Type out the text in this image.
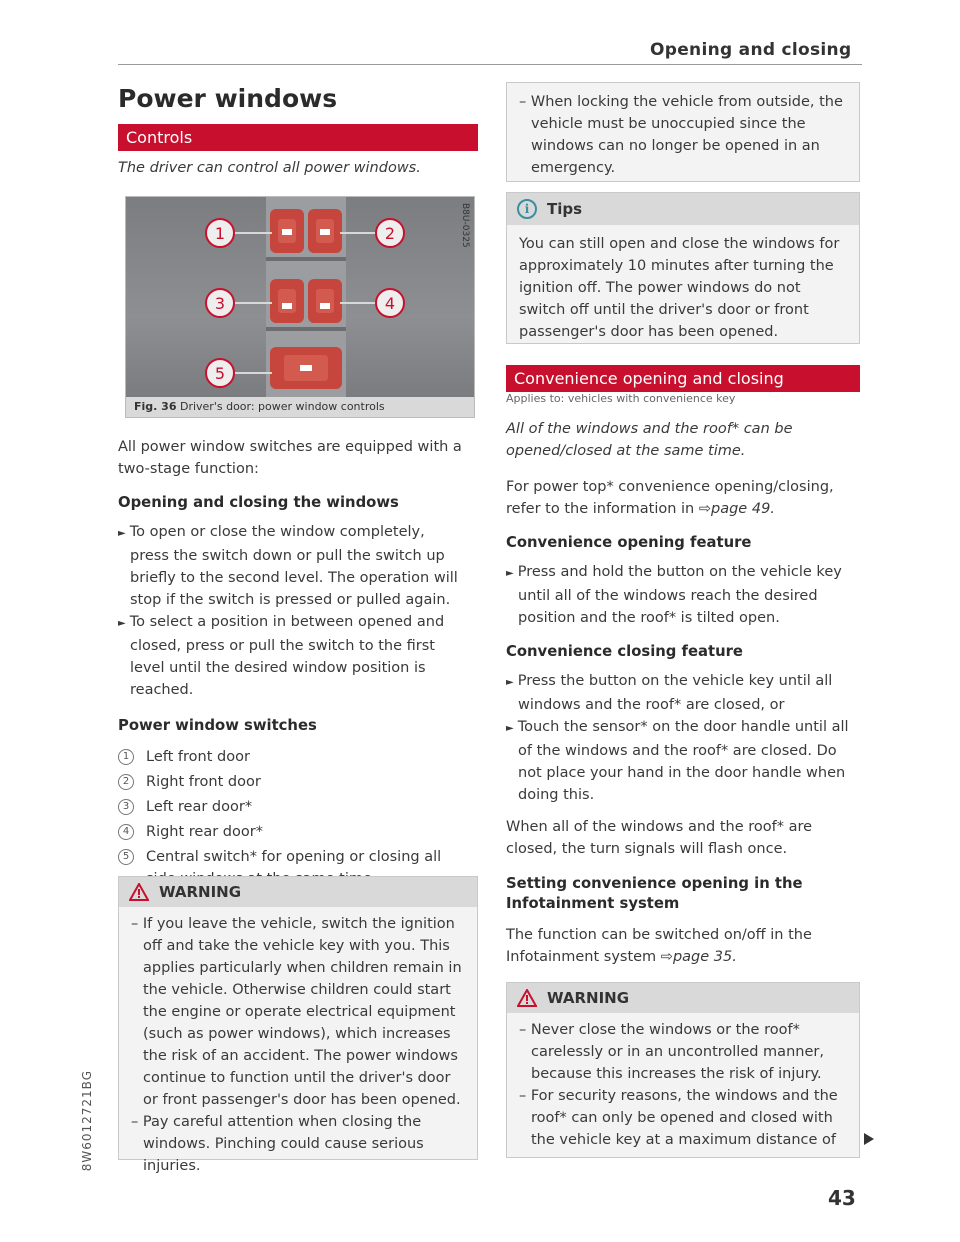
Opening and closing
Power windows
Controls
The driver can control all power windows.
1	2
3	4
5
B8U-0325
Fig. 36 Driver's door: power window controls

All power window switches are equipped with a two-stage function:

Opening and closing the windows
► To open or close the window completely, press the switch down or pull the switch up briefly to the second level. The operation will stop if the switch is pressed or pulled again.
► To select a position in between opened and closed, press or pull the switch to the first level until the desired window position is reached.
Power window switches
1	Left front door
2	Right front door
3	Left rear door*
4	Right rear door*
5	Central switch* for opening or closing all
WARNING
– If you leave the vehicle, switch the ignition off and take the vehicle key with you. This applies particularly when children remain in the vehicle. Otherwise children could start the engine or operate electrical equipment (such as power windows), which increases the risk of an accident. The power windows continue to function until the driver's door or front passenger's door has been opened.
– Pay careful attention when closing the windows. Pinching could cause serious injuries.
– When locking the vehicle from outside, the vehicle must be unoccupied since the windows can no longer be opened in an emergency.
i	Tips

You can still open and close the windows for approximately 10 minutes after turning the ignition off. The power windows do not switch off until the driver's door or front passenger's door has been opened.

Convenience opening and closing
Applies to: vehicles with convenience key
All of the windows and the roof* can be opened/closed at the same time.

For power top* convenience opening/closing, refer to the information in ⇨page 49.

Convenience opening feature
► Press and hold the button on the vehicle key until all of the windows reach the desired position and the roof* is tilted open.
Convenience closing feature
► Press the button on the vehicle key until all windows and the roof* are closed, or
► Touch the sensor* on the door handle until all of the windows and the roof* are closed. Do not place your hand in the door handle when doing this.

When all of the windows and the roof* are closed, the turn signals will flash once.

Setting convenience opening in the Infotainment system

The function can be switched on/off in the Infotainment system ⇨page 35.

WARNING
– Never close the windows or the roof* carelessly or in an uncontrolled manner, because this increases the risk of injury.
– For security reasons, the windows and the roof* can only be opened and closed with the vehicle key at a maximum distance of
8W6012721BG
43
